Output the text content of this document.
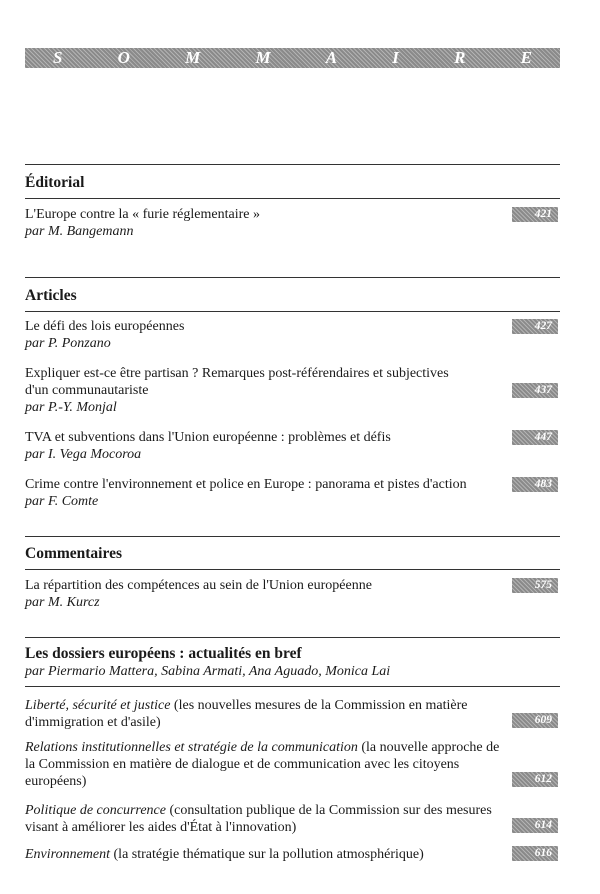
S	O	M	M	A	I	R	E
Éditorial
L'Europe contre la « furie réglementaire »
par M. Bangemann
421
Articles
Le défi des lois européennes
par P. Ponzano
427
Expliquer est-ce être partisan ? Remarques post-référendaires et subjectives
d'un communautariste
par P.-Y. Monjal
437
TVA et subventions dans l'Union européenne : problèmes et défis
par I. Vega Mocoroa
447
Crime contre l'environnement et police en Europe : panorama et pistes d'action
par F. Comte
483
Commentaires
La répartition des compétences au sein de l'Union européenne
par M. Kurcz
575
Les dossiers européens : actualités en bref
par Piermario Mattera, Sabina Armati, Ana Aguado, Monica Lai
Liberté, sécurité et justice (les nouvelles mesures de la Commission en matière
d'immigration et d'asile)	609
Relations institutionnelles et stratégie de la communication (la nouvelle approche de
la Commission en matière de dialogue et de communication avec les citoyens
européens)	612
Politique de concurrence (consultation publique de la Commission sur des mesures
visant à améliorer les aides d'État à l'innovation)	614
Environnement (la stratégie thématique sur la pollution atmosphérique)	616
